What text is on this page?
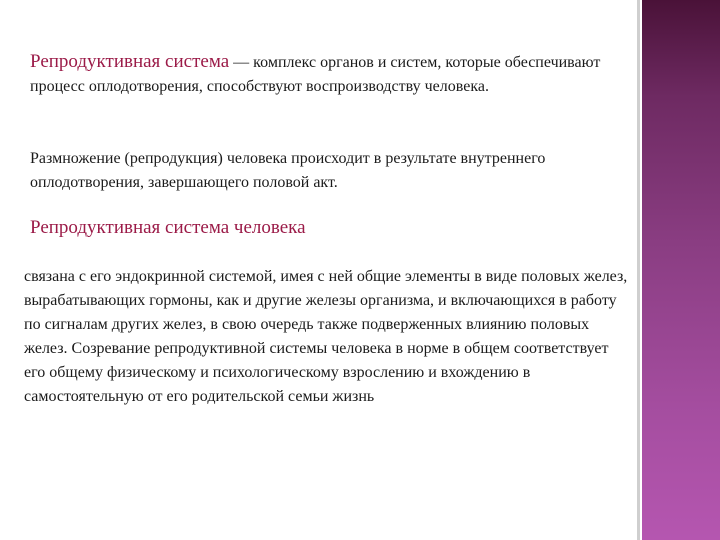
Репродуктивная система — комплекс органов и систем, которые обеспечивают процесс оплодотворения, способствуют воспроизводству человека.

Размножение (репродукция) человека происходит в результате внутреннего оплодотворения, завершающего половой акт.

Репродуктивная система человека

связана с его эндокринной системой, имея с ней общие элементы в виде половых желез, вырабатывающих гормоны, как и другие железы организма, и включающихся в работу по сигналам других желез, в свою очередь также подверженных влиянию половых желез. Созревание репродуктивной системы человека в норме в общем соответствует его общему физическому и психологическому взрослению и вхождению в самостоятельную от его родительской семьи жизнь
